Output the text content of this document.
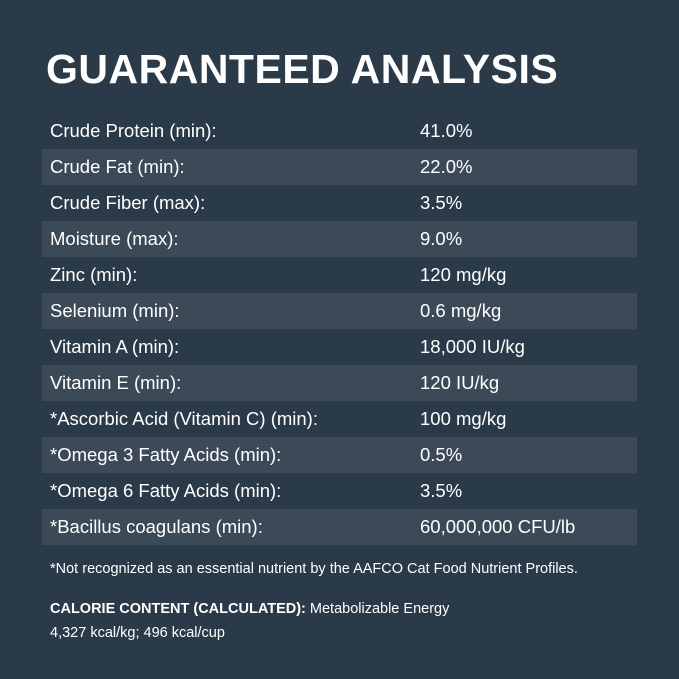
GUARANTEED ANALYSIS
Crude Protein (min):	41.0%
Crude Fat (min):	22.0%
Crude Fiber (max):	3.5%
Moisture (max):	9.0%
Zinc (min):	120 mg/kg
Selenium (min):	0.6 mg/kg
Vitamin A (min):	18,000 IU/kg
Vitamin E (min):	120 IU/kg
*Ascorbic Acid (Vitamin C) (min):	100 mg/kg
*Omega 3 Fatty Acids (min):	0.5%
*Omega 6 Fatty Acids (min):	3.5%
*Bacillus coagulans (min):	60,000,000 CFU/lb
*Not recognized as an essential nutrient by the AAFCO Cat Food Nutrient Profiles.
CALORIE CONTENT (CALCULATED): Metabolizable Energy
4,327 kcal/kg; 496 kcal/cup
